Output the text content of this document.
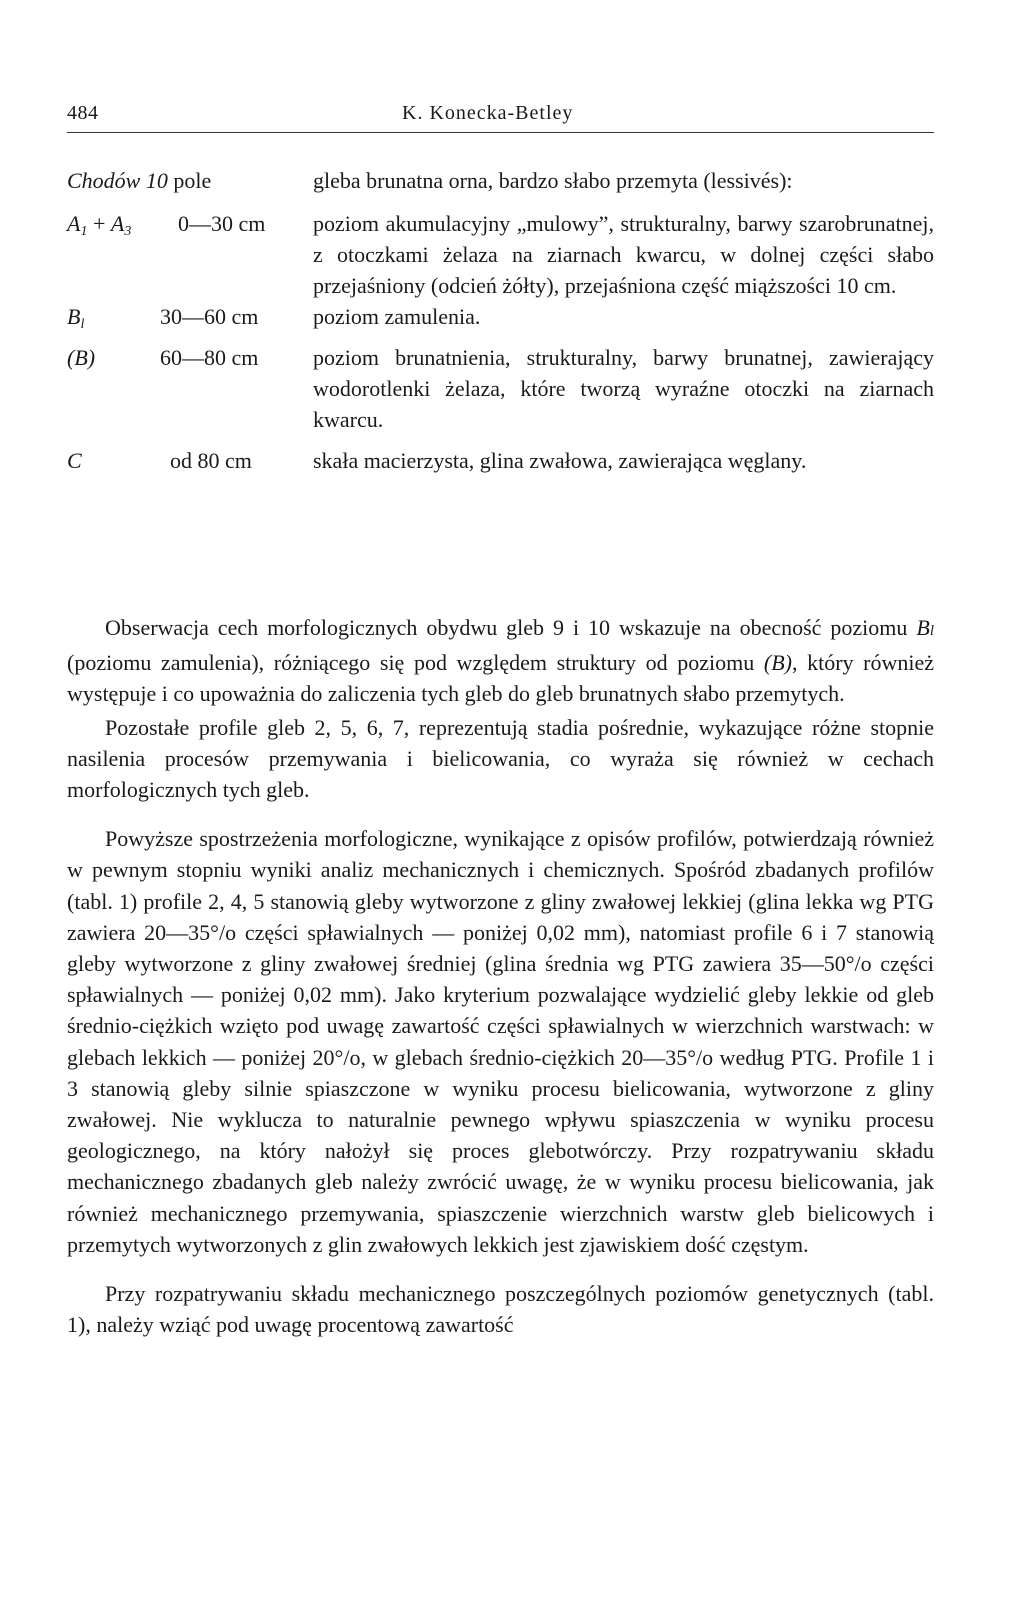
484	K. Konecka-Betley
Chodów 10 pole	gleba brunatna orna, bardzo słabo przemyta (lessivés):
$A_1 + A_3$ 0—30 cm poziom akumulacyjny „mulowy”, strukturalny, barwy szarobrunatnej, z otoczkami żelaza na ziarnach kwarcu, w dolnej części słabo przejaśniony (odcień żółty), przejaśniona część miąższości 10 cm.
$B_l$	30—60 cm poziom zamulenia.
(B)	60—80 cm poziom brunatnienia, strukturalny, barwy brunatnej, zawierający wodorotlenki żelaza, które tworzą wyraźne otoczki na ziarnach kwarcu.
C	od 80 cm	skała macierzysta, glina zwałowa, zawierająca węglany.

Obserwacja cech morfologicznych obydwu gleb 9 i 10 wskazuje na obecność poziomu Bl (poziomu zamulenia), różniącego się pod względem struktury od poziomu (B), który również występuje i co upoważnia do zaliczenia tych gleb do gleb brunatnych słabo przemytych.

Pozostałe profile gleb 2, 5, 6, 7, reprezentują stadia pośrednie, wykazujące różne stopnie nasilenia procesów przemywania i bielicowania, co wyraża się również w cechach morfologicznych tych gleb.

Powyższe spostrzeżenia morfologiczne, wynikające z opisów profilów, potwierdzają również w pewnym stopniu wyniki analiz mechanicznych i chemicznych. Spośród zbadanych profilów (tabl. 1) profile 2, 4, 5 stanowią gleby wytworzone z gliny zwałowej lekkiej (glina lekka wg PTG zawiera 20—35°/o części spławialnych — poniżej 0,02 mm), natomiast profile 6 i 7 stanowią gleby wytworzone z gliny zwałowej średniej (glina średnia wg PTG zawiera 35—50°/o części spławialnych — poniżej 0,02 mm). Jako kryterium pozwalające wydzielić gleby lekkie od gleb średnio-ciężkich wzięto pod uwagę zawartość części spławialnych w wierzchnich warstwach: w glebach lekkich — poniżej 20°/o, w glebach średnio-ciężkich 20—35°/o według PTG. Profile 1 i 3 stanowią gleby silnie spiaszczone w wyniku procesu bielicowania, wytworzone z gliny zwałowej. Nie wyklucza to naturalnie pewnego wpływu spiaszczenia w wyniku procesu geologicznego, na który nałożył się proces glebotwórczy. Przy rozpatrywaniu składu mechanicznego zbadanych gleb należy zwrócić uwagę, że w wyniku procesu bielicowania, jak również mechanicznego przemywania, spiaszczenie wierzchnich warstw gleb bielicowych i przemytych wytworzonych z glin zwałowych lekkich jest zjawiskiem dość częstym.

Przy rozpatrywaniu składu mechanicznego poszczególnych poziomów genetycznych (tabl. 1), należy wziąć pod uwagę procentową zawartość
